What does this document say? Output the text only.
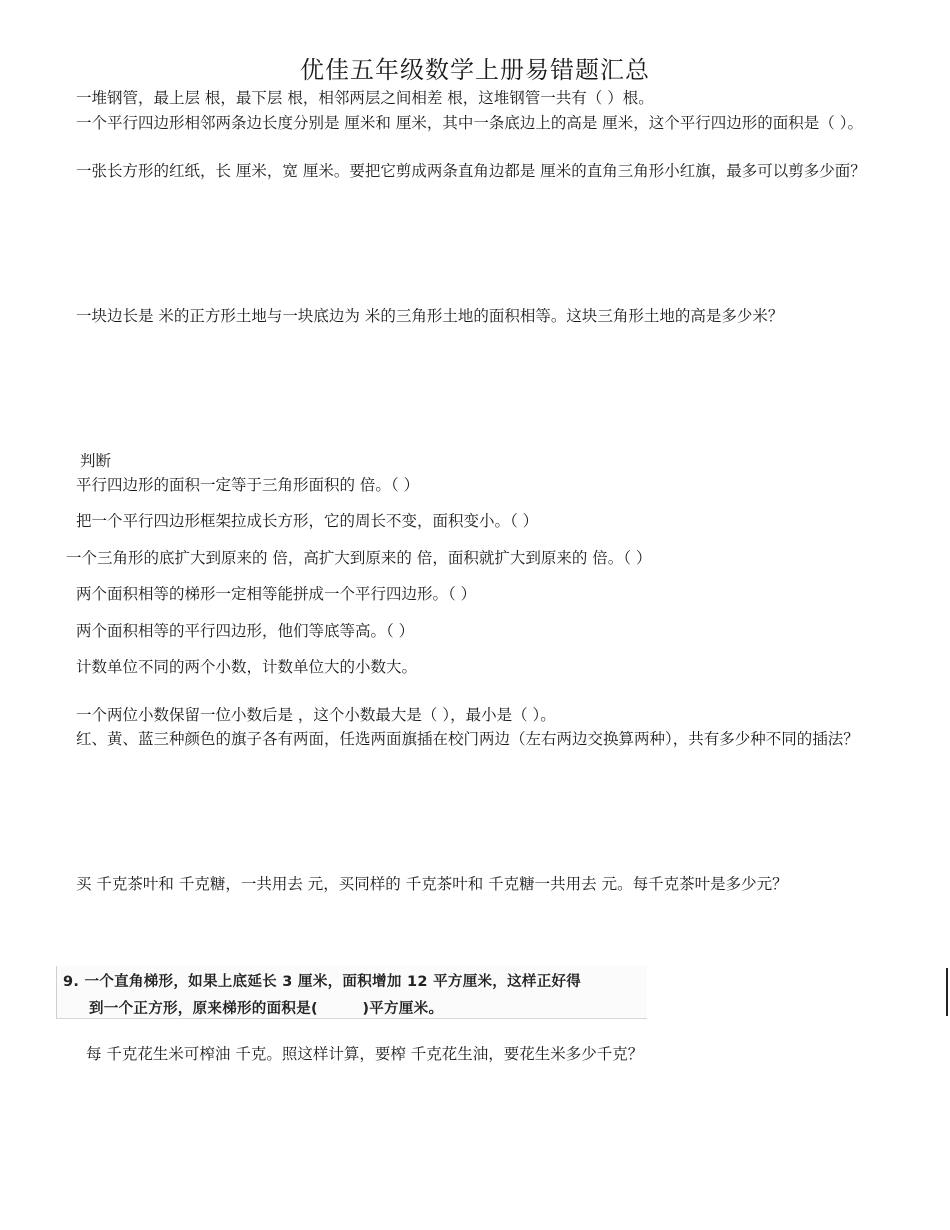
优佳五年级数学上册易错题汇总
一堆钢管，最上层 根，最下层 根，相邻两层之间相差 根，这堆钢管一共有（ ）根。
一个平行四边形相邻两条边长度分别是 厘米和 厘米，其中一条底边上的高是 厘米，这个平行四边形的面积是（ ）。
一张长方形的红纸，长 厘米，宽 厘米。要把它剪成两条直角边都是 厘米的直角三角形小红旗，最多可以剪多少面？
一块边长是 米的正方形土地与一块底边为 米的三角形土地的面积相等。这块三角形土地的高是多少米？
判断
平行四边形的面积一定等于三角形面积的 倍。（ ）
把一个平行四边形框架拉成长方形，它的周长不变，面积变小。（ ）
一个三角形的底扩大到原来的 倍，高扩大到原来的 倍，面积就扩大到原来的 倍。（ ）
两个面积相等的梯形一定相等能拼成一个平行四边形。（ ）
两个面积相等的平行四边形，他们等底等高。（ ）
计数单位不同的两个小数，计数单位大的小数大。
一个两位小数保留一位小数后是 ，这个小数最大是（ ），最小是（ ）。
红、黄、蓝三种颜色的旗子各有两面，任选两面旗插在校门两边（左右两边交换算两种），共有多少种不同的插法？
买 千克茶叶和 千克糖，一共用去 元，买同样的 千克茶叶和 千克糖一共用去 元。每千克茶叶是多少元？
9. 一个直角梯形，如果上底延长 3 厘米，面积增加 12 平方厘米，这样正好得
到一个正方形，原来梯形的面积是(　　　)平方厘米。
每 千克花生米可榨油 千克。照这样计算，要榨 千克花生油，要花生米多少千克？
